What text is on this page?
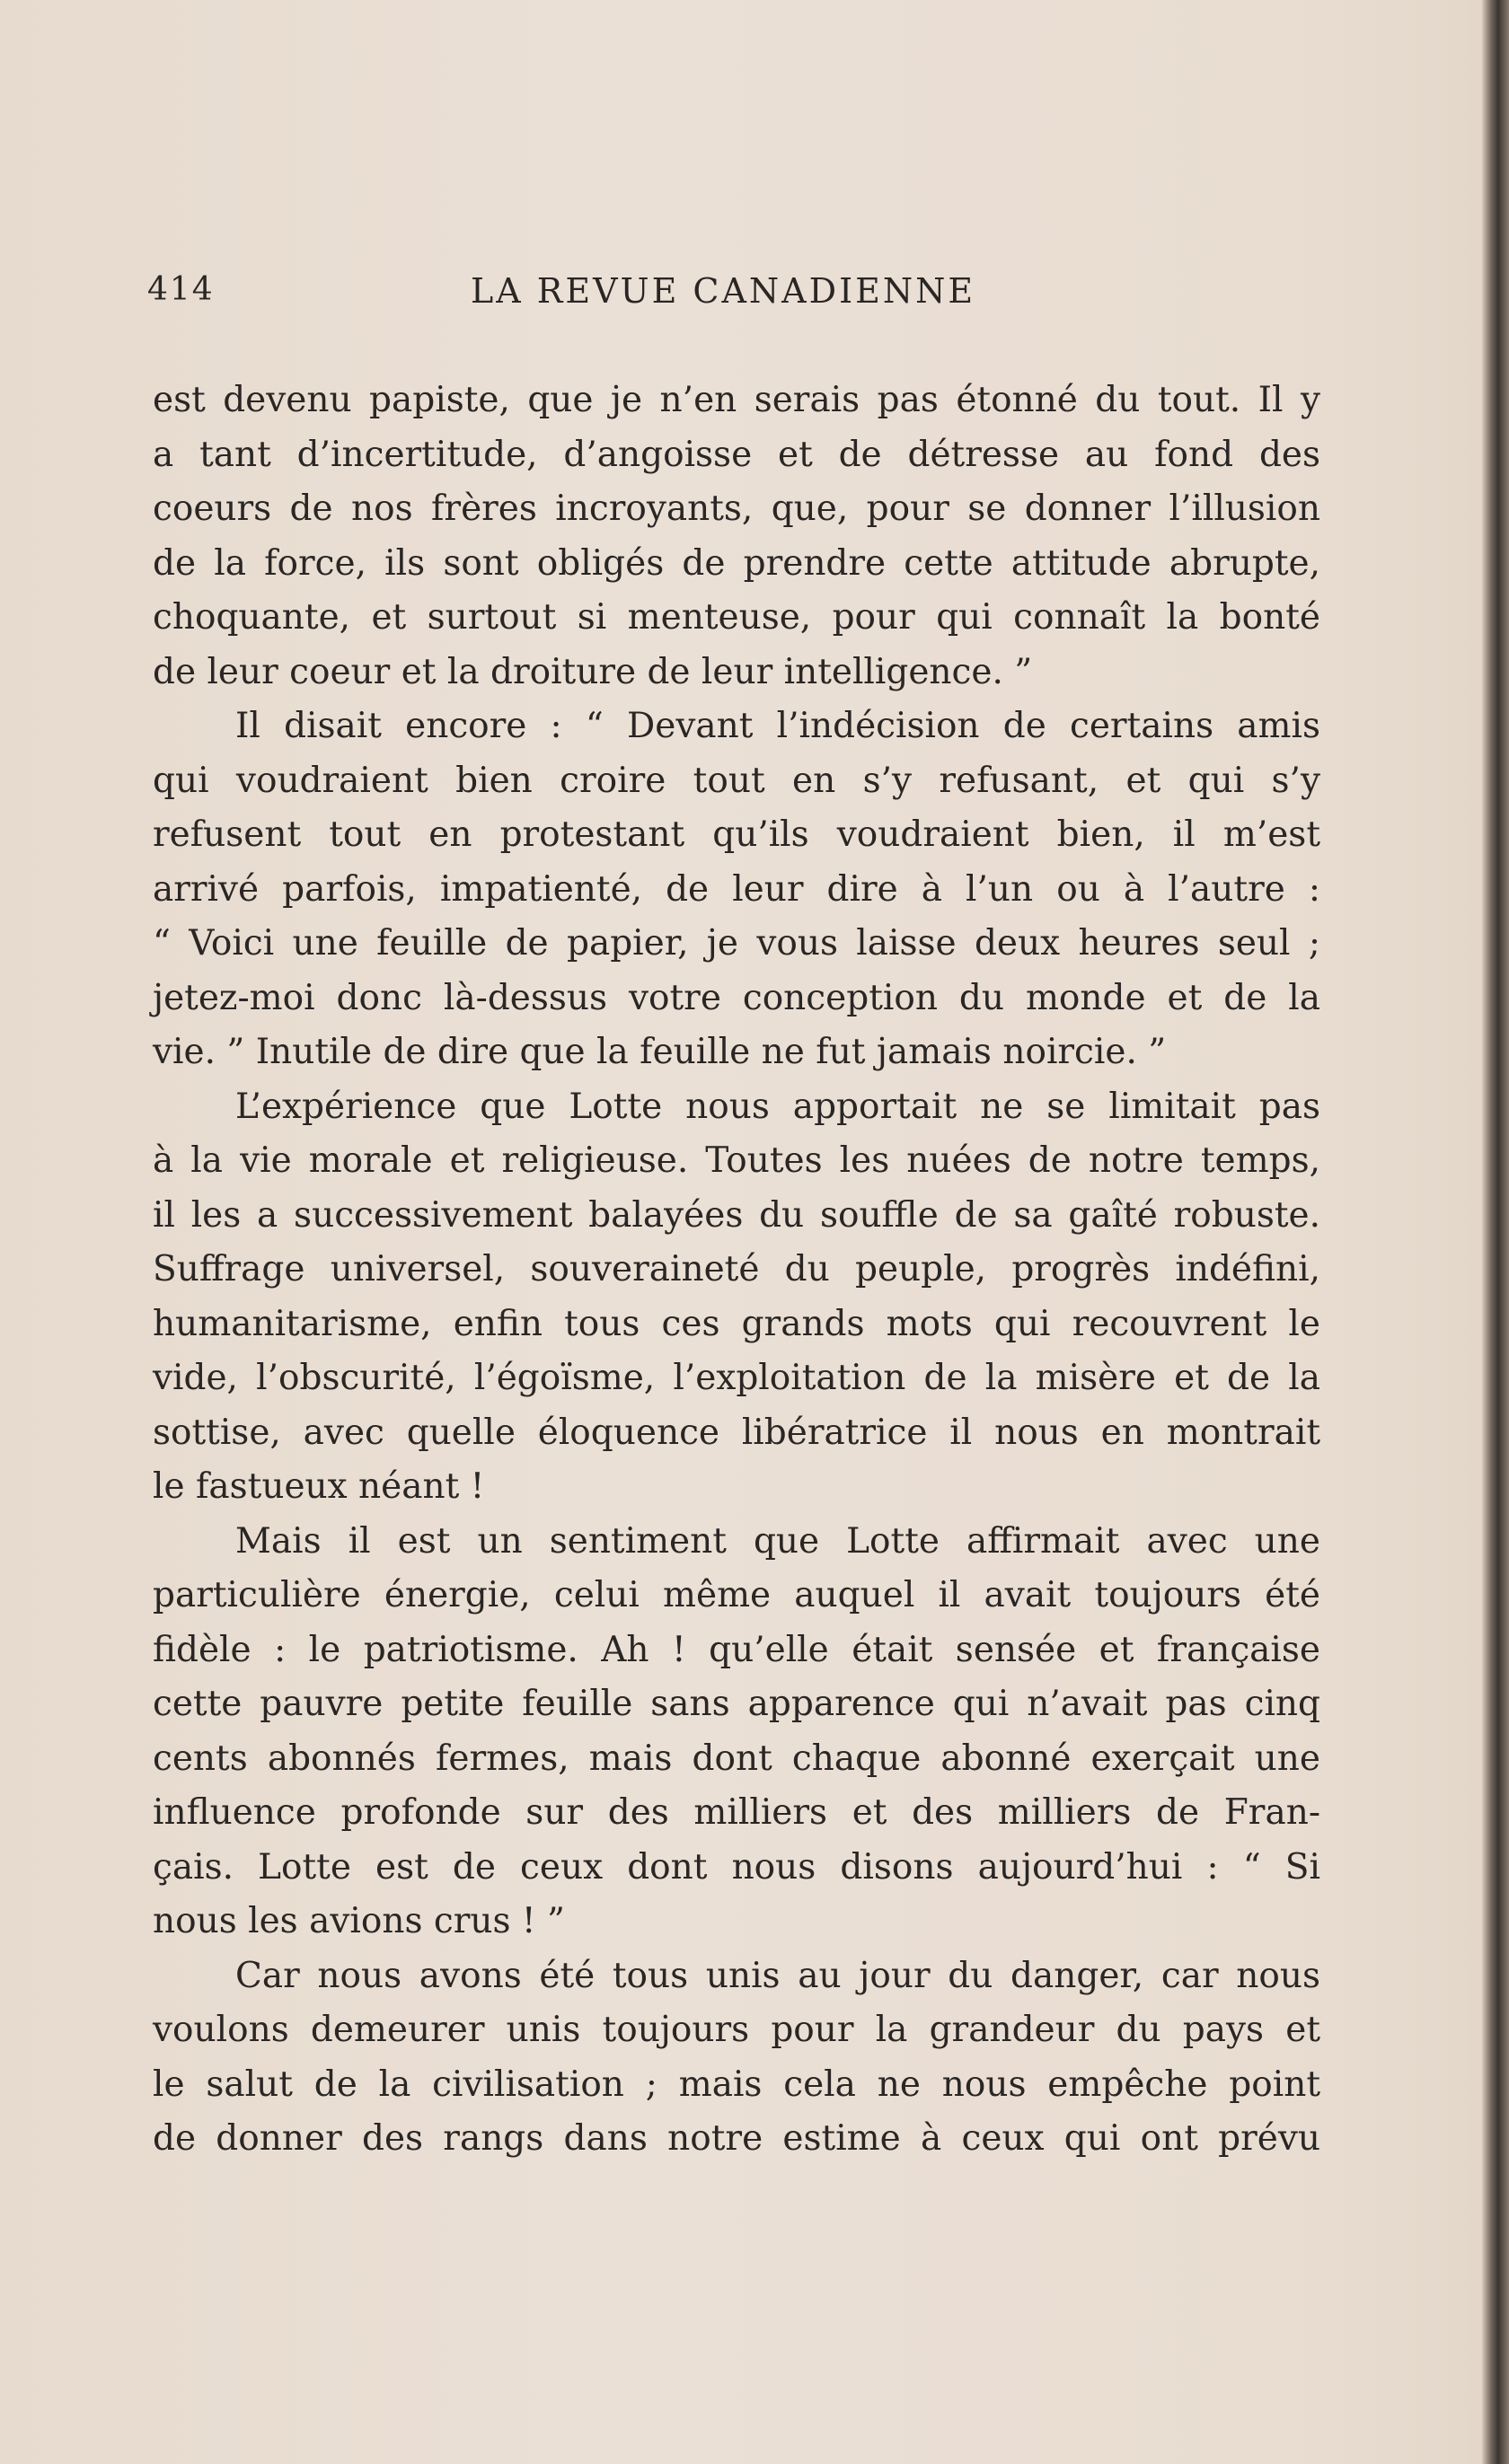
414	LA REVUE CANADIENNE
est devenu papiste, que je n’en serais pas étonné du tout. Il y
a tant d’incertitude, d’angoisse et de détresse au fond des
coeurs de nos frères incroyants, que, pour se donner l’illusion
de la force, ils sont obligés de prendre cette attitude abrupte,
choquante, et surtout si menteuse, pour qui connaît la bonté
de leur coeur et la droiture de leur intelligence. ”
Il disait encore : “ Devant l’indécision de certains amis
qui voudraient bien croire tout en s’y refusant, et qui s’y
refusent tout en protestant qu’ils voudraient bien, il m’est
arrivé parfois, impatienté, de leur dire à l’un ou à l’autre :
“ Voici une feuille de papier, je vous laisse deux heures seul ;
jetez-moi donc là-dessus votre conception du monde et de la
vie. ” Inutile de dire que la feuille ne fut jamais noircie. ”
L’expérience que Lotte nous apportait ne se limitait pas
à la vie morale et religieuse. Toutes les nuées de notre temps,
il les a successivement balayées du souffle de sa gaîté robuste.
Suffrage universel, souveraineté du peuple, progrès indéfini,
humanitarisme, enfin tous ces grands mots qui recouvrent le
vide, l’obscurité, l’égoïsme, l’exploitation de la misère et de la
sottise, avec quelle éloquence libératrice il nous en montrait
le fastueux néant !
Mais il est un sentiment que Lotte affirmait avec une
particulière énergie, celui même auquel il avait toujours été
fidèle : le patriotisme. Ah ! qu’elle était sensée et française
cette pauvre petite feuille sans apparence qui n’avait pas cinq
cents abonnés fermes, mais dont chaque abonné exerçait une
influence profonde sur des milliers et des milliers de Fran-
çais. Lotte est de ceux dont nous disons aujourd’hui : “ Si
nous les avions crus ! ”
Car nous avons été tous unis au jour du danger, car nous
voulons demeurer unis toujours pour la grandeur du pays et
le salut de la civilisation ; mais cela ne nous empêche point
de donner des rangs dans notre estime à ceux qui ont prévu
